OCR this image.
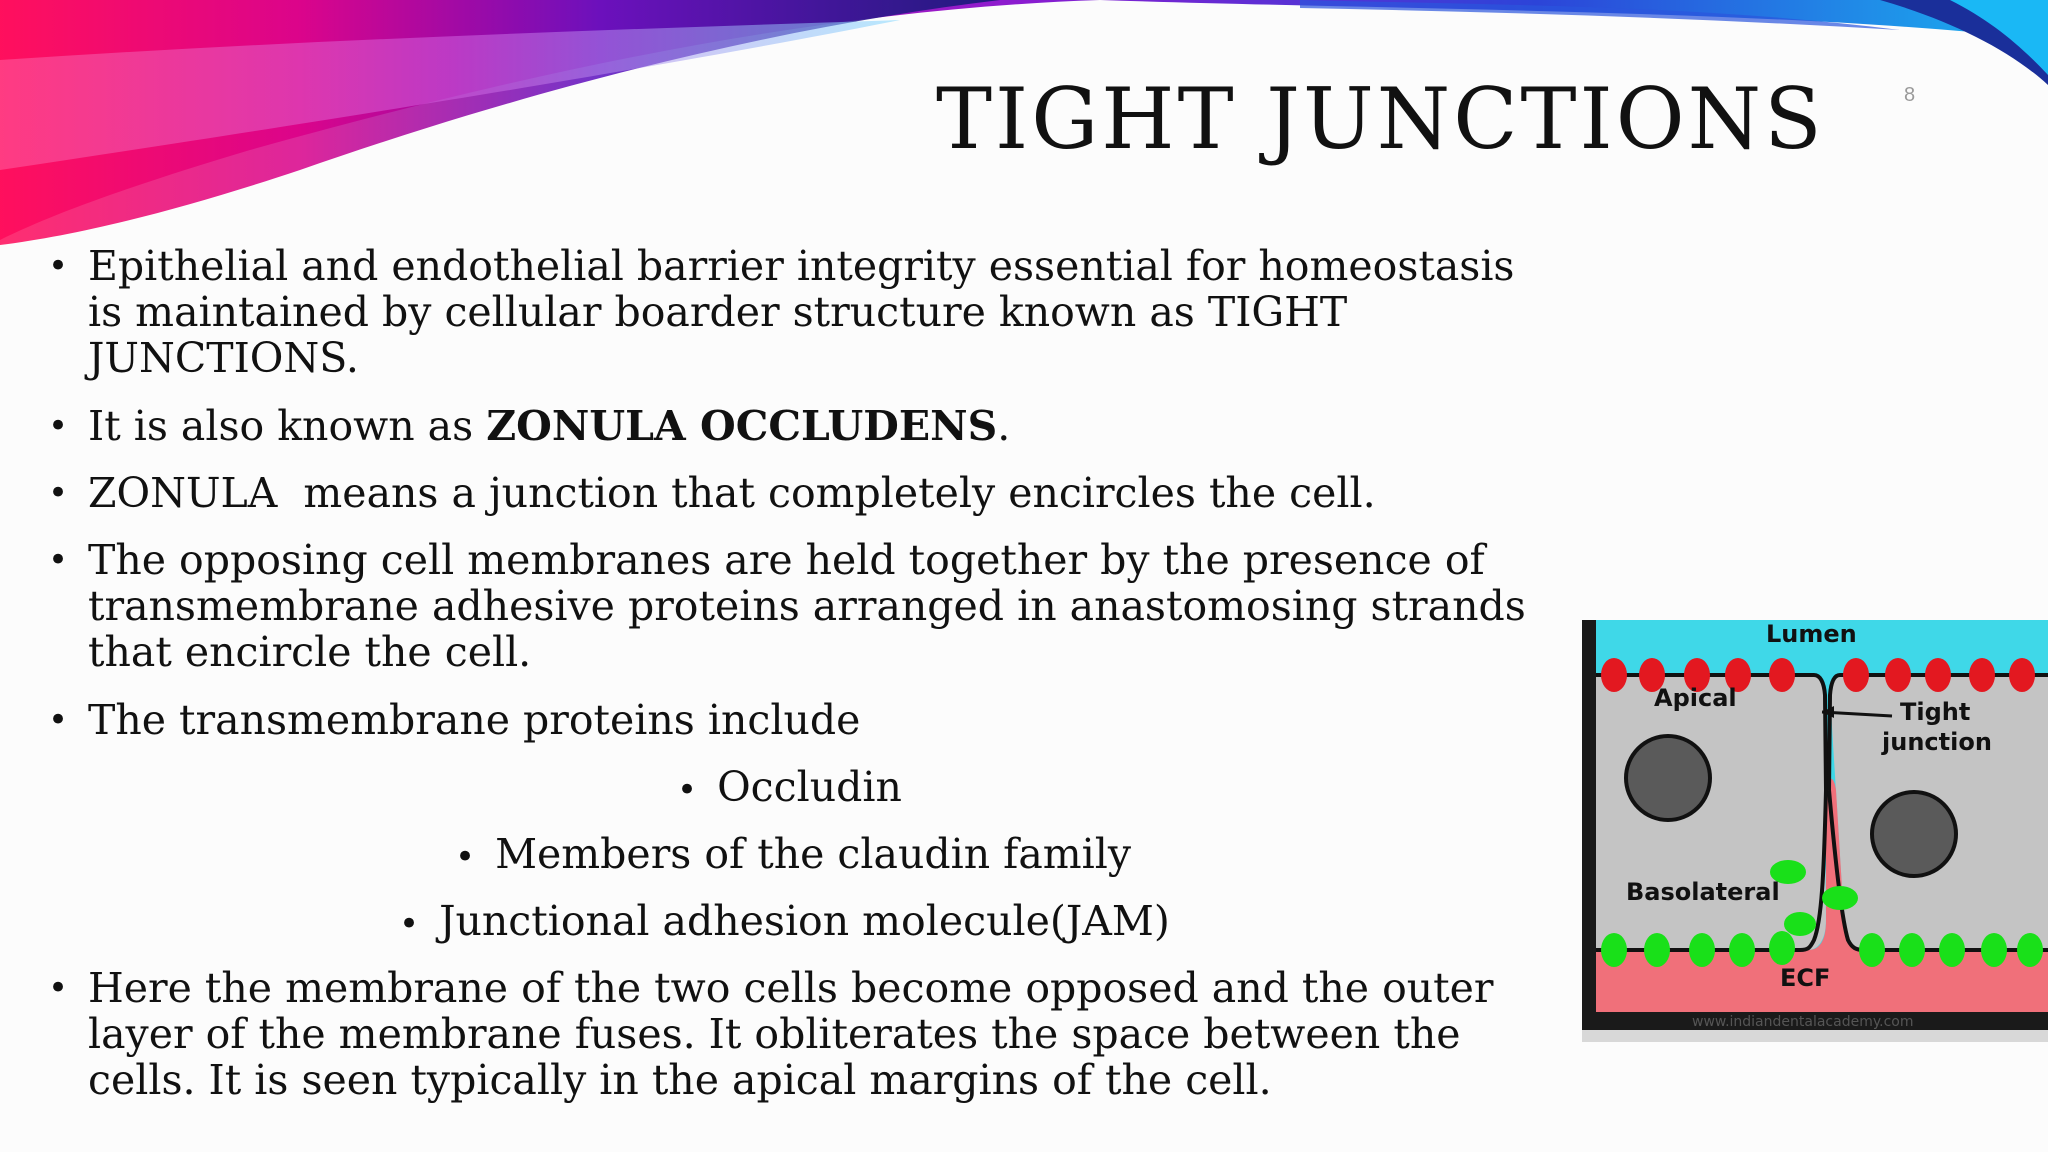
TIGHT JUNCTIONS	8
• Epithelial and endothelial barrier integrity essential for homeostasis

is maintained by cellular boarder structure known as TIGHT

JUNCTIONS.

• It is also known as ZONULA OCCLUDENS.

• ZONULA  means a junction that completely encircles the cell.

• The opposing cell membranes are held together by the presence of

transmembrane adhesive proteins arranged in anastomosing strands

that encircle the cell.

• The transmembrane proteins include

• Occludin
• Members of the claudin family
• Junctional adhesion molecule(JAM)
• Here the membrane of the two cells become opposed and the outer

layer of the membrane fuses. It obliterates the space between the

cells. It is seen typically in the apical margins of the cell.

Lumen
Apical	Tight
junction
Basolateral
ECF
www.indiandentalacademy.com
